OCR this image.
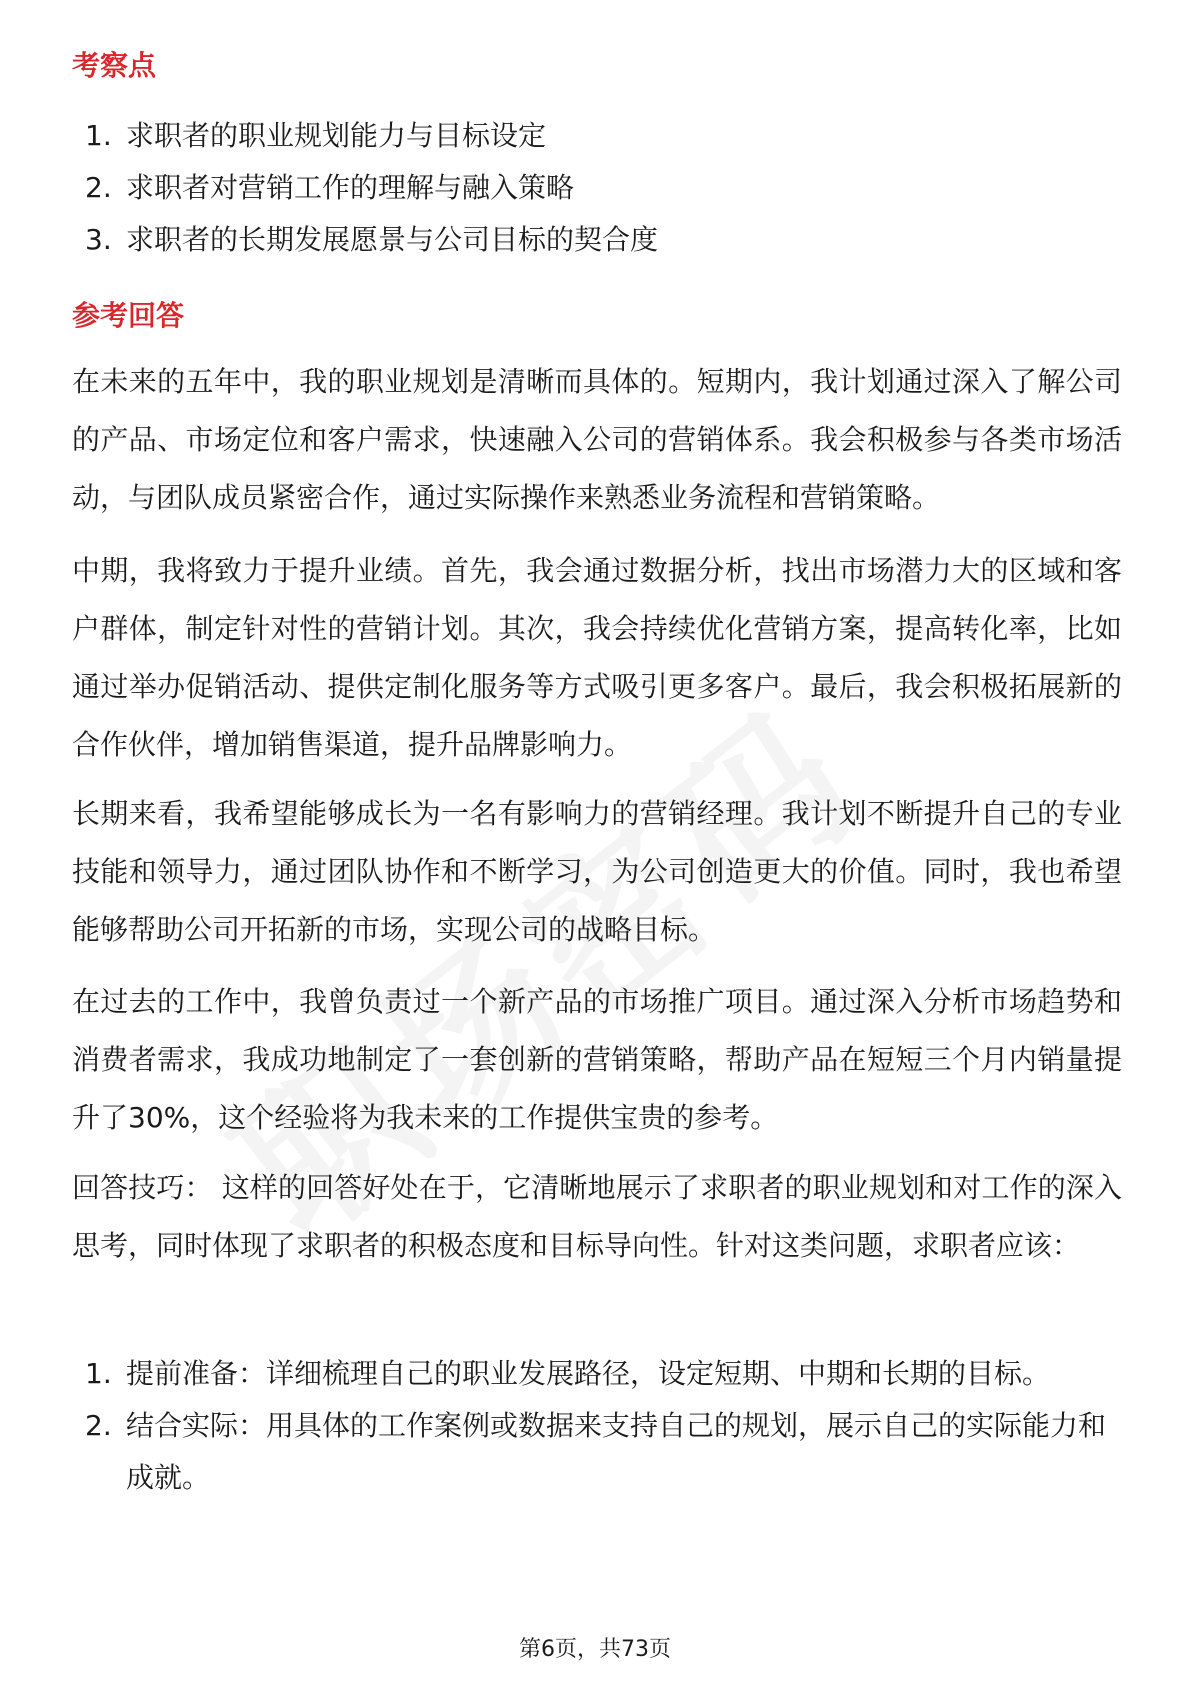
考察点
1. 求职者的职业规划能力与目标设定
2. 求职者对营销工作的理解与融入策略
3. 求职者的长期发展愿景与公司目标的契合度
参考回答

在未来的五年中，我的职业规划是清晰而具体的。短期内，我计划通过深入了解公司的产品、市场定位和客户需求，快速融入公司的营销体系。我会积极参与各类市场活动，与团队成员紧密合作，通过实际操作来熟悉业务流程和营销策略。

中期，我将致力于提升业绩。首先，我会通过数据分析，找出市场潜力大的区域和客户群体，制定针对性的营销计划。其次，我会持续优化营销方案，提高转化率，比如通过举办促销活动、提供定制化服务等方式吸引更多客户。最后，我会积极拓展新的合作伙伴，增加销售渠道，提升品牌影响力。

长期来看，我希望能够成长为一名有影响力的营销经理。我计划不断提升自己的专业技能和领导力，通过团队协作和不断学习，为公司创造更大的价值。同时，我也希望能够帮助公司开拓新的市场，实现公司的战略目标。

在过去的工作中，我曾负责过一个新产品的市场推广项目。通过深入分析市场趋势和消费者需求，我成功地制定了一套创新的营销策略，帮助产品在短短三个月内销量提升了30%，这个经验将为我未来的工作提供宝贵的参考。

回答技巧： 这样的回答好处在于，它清晰地展示了求职者的职业规划和对工作的深入思考，同时体现了求职者的积极态度和目标导向性。针对这类问题，求职者应该：

1. 提前准备：详细梳理自己的职业发展路径，设定短期、中期和长期的目标。
2. 结合实际：用具体的工作案例或数据来支持自己的规划，展示自己的实际能力和成就。
第6页，共73页
